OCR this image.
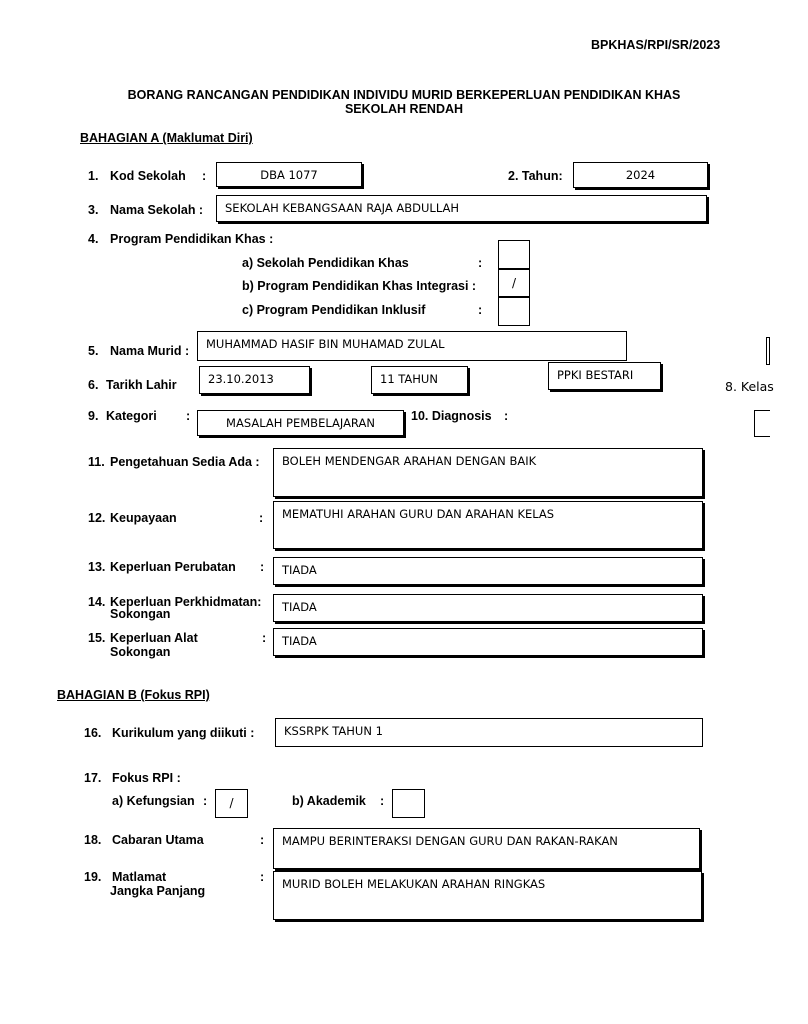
BPKHAS/RPI/SR/2023
BORANG RANCANGAN PENDIDIKAN INDIVIDU MURID BERKEPERLUAN PENDIDIKAN KHAS
SEKOLAH RENDAH
BAHAGIAN A (Maklumat Diri)
1. Kod Sekolah :	DBA 1077	2. Tahun:	2024
3. Nama Sekolah :	SEKOLAH KEBANGSAAN RAJA ABDULLAH
4. Program Pendidikan Khas :
a) Sekolah Pendidikan Khas	:
b) Program Pendidikan Khas Integrasi :	/
c) Program Pendidikan Inklusif	:
5. Nama Murid :	MUHAMMAD HASIF BIN MUHAMAD ZULAL
6. Tarikh Lahir	23.10.2013	11 TAHUN	PPKI BESTARI
8. Kelas
9. Kategori :	MASALAH PEMBELAJARAN	10. Diagnosis :
11. Pengetahuan Sedia Ada :	BOLEH MENDENGAR ARAHAN DENGAN BAIK
12. Keupayaan	:	MEMATUHI ARAHAN GURU DAN ARAHAN KELAS
13. Keperluan Perubatan :	TIADA
14. Keperluan Perkhidmatan:
Sokongan	TIADA
15. Keperluan Alat
Sokongan
:	TIADA
BAHAGIAN B (Fokus RPI)
16. Kurikulum yang diikuti :	KSSRPK TAHUN 1
17. Fokus RPI :
a) Kefungsian :	/	b) Akademik :
18. Cabaran Utama	:	MAMPU BERINTERAKSI DENGAN GURU DAN RAKAN-RAKAN
19. Matlamat
Jangka Panjang
:	MURID BOLEH MELAKUKAN ARAHAN RINGKAS
